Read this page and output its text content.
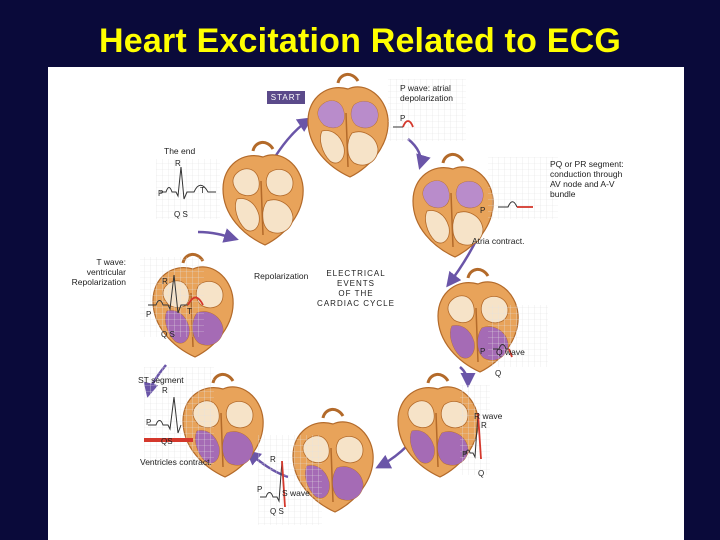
Heart Excitation Related to ECG
START
P wave: atrial
depolarization
P
The end
R
P	T
Q S
PQ or PR segment:
conduction through
AV node and A-V
bundle
P
Atria contract.
T wave:
ventricular
Repolarization	R
P	T
Q S
Repolarization	ELECTRICAL
EVENTS
OF THE
CARDIAC CYCLE
P Q wave
Q
ST segment
R
P
QS
R wave
R
P
Q
Ventricles contract.	R
P S wave
Q S
